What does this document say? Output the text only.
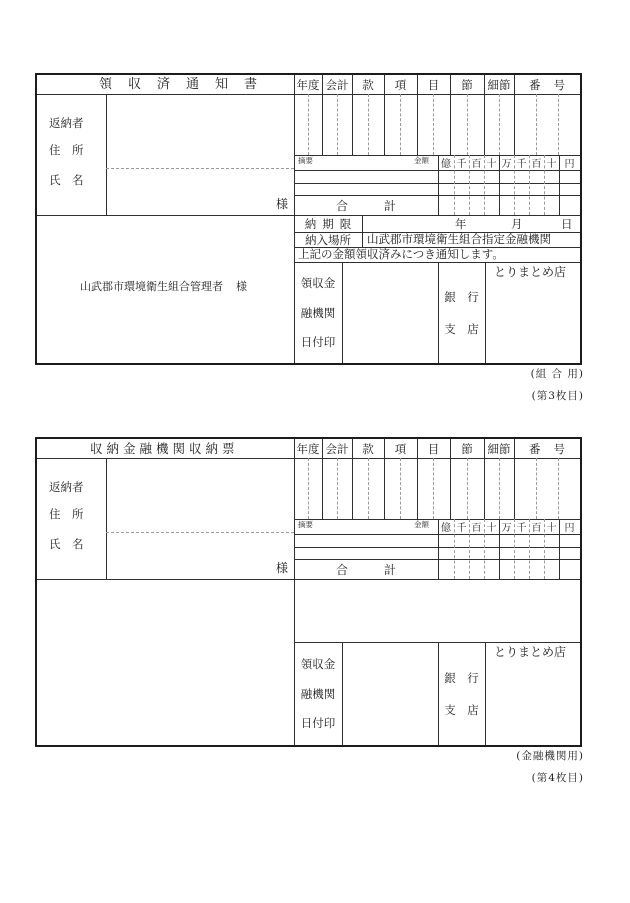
領収済通知書 年度 会計	款	項	目	節	細節	番号
返納者
住　所
氏　名
様
摘要	金額	億 千 百 十 万 千 百 十 円
合　　　計
納期限	年	月	日
納入場所	山武郡市環境衛生組合指定金融機関
上記の金額領収済みにつき通知します。
山武郡市環境衛生組合管理者 様	領収金
融機関
日付印
銀　行
支　店
とりまとめ店
(組 合 用)
(第3枚目)
収納金融機関収納票	年度 会計	款	項	目	節	細節	番号
返納者
住　所
氏　名
様
摘要	金額	億 千 百 十 万 千 百 十 円
合　　　計
領収金
融機関
日付印
銀　行
支　店
とりまとめ店
(金融機関用)
(第4枚目)
